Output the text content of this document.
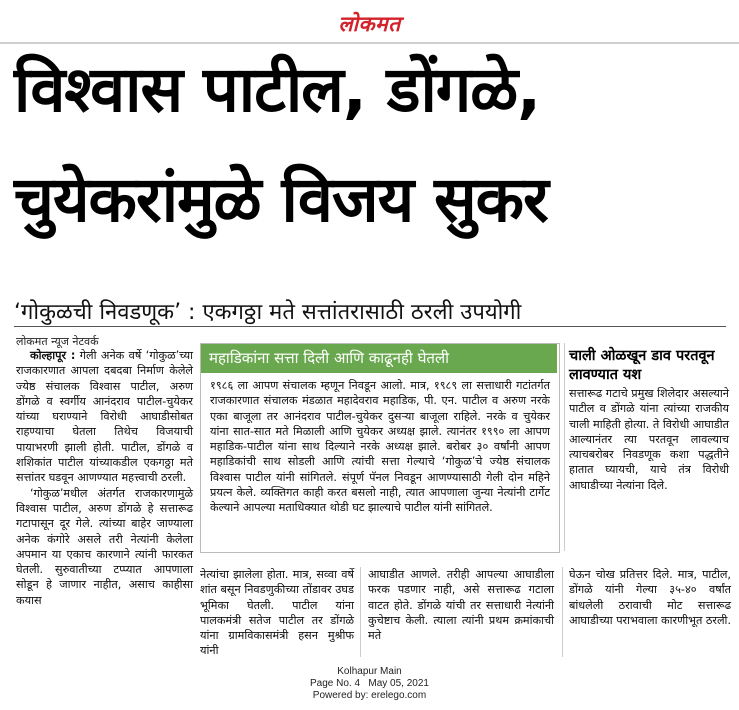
लोकमत
विश्वास पाटील, डोंगळे,
चुयेकरांमुळे विजय सुकर
‘गोकुळची निवडणूक’ : एकगठ्ठा मते सत्तांतरासाठी ठरली उपयोगी
लोकमत न्यूज नेटवर्क

कोल्हापूर : गेली अनेक वर्षे ‘गोकुळ’च्या राजकारणात आपला दबदबा निर्माण केलेले ज्येष्ठ संचालक विश्वास पाटील, अरुण डोंगळे व स्वर्गीय आनंदराव पाटील-चुयेकर यांच्या घराण्याने विरोधी आघाडीसोबत राहण्याचा घेतला तिथेच विजयाची पायाभरणी झाली होती. पाटील, डोंगळे व शशिकांत पाटील यांच्याकडील एकगठ्ठा मते सत्तांतर घडवून आणण्यात महत्त्वाची ठरली.

‘गोकुळ’मधील अंतर्गत राजकारणामुळे विश्वास पाटील, अरुण डोंगळे हे सत्तारूढ गटापासून दूर गेले. त्यांच्या बाहेर जाण्याला अनेक कंगोरे असले तरी नेत्यांनी केलेला अपमान या एकाच कारणाने त्यांनी फारकत घेतली. सुरुवातीच्या टप्प्यात आपणाला सोडून हे जाणार नाहीत, असाच काहीसा कयास

महाडिकांना सत्ता दिली आणि काढूनही घेतली
१९८६ ला आपण संचालक म्हणून निवडून आलो. मात्र, १९८९ ला सत्ताधारी गटांतर्गत राजकारणात संचालक मंडळात महादेवराव महाडिक, पी. एन. पाटील व अरुण नरके एका बाजूला तर आनंदराव पाटील-चुयेकर दुसऱ्या बाजूला राहिले. नरके व चुयेकर यांना सात-सात मते मिळाली आणि चुयेकर अध्यक्ष झाले. त्यानंतर १९९० ला आपण महाडिक-पाटील यांना साथ दिल्याने नरके अध्यक्ष झाले. बरोबर ३० वर्षांनी आपण महाडिकांची साथ सोडली आणि त्यांची सत्ता गेल्याचे ‘गोकुळ’चे ज्येष्ठ संचालक विश्वास पाटील यांनी सांगितले. संपूर्ण पॅनल निवडून आणण्यासाठी गेली दोन महिने प्रयत्न केले. व्यक्तिगत काही करत बसलो नाही, त्यात आपणाला जुन्या नेत्यांनी टार्गेट केल्याने आपल्या मताधिक्यात थोडी घट झाल्याचे पाटील यांनी सांगितले.
चाली ओळखून डाव परतवून लावण्यात यश
सत्तारूढ गटाचे प्रमुख शिलेदार असल्याने पाटील व डोंगळे यांना त्यांच्या राजकीय चाली माहिती होत्या. ते विरोधी आघाडीत आल्यानंतर त्या परतवून लावल्याच त्याचबरोबर निवडणूक कशा पद्धतीने हातात घ्यायची, याचे तंत्र विरोधी आघाडीच्या नेत्यांना दिले.
नेत्यांचा झालेला होता. मात्र, सव्वा वर्षे शांत बसून निवडणुकीच्या तोंडावर उघड भूमिका घेतली. पाटील यांना पालकमंत्री सतेज पाटील तर डोंगळे यांना ग्रामविकासमंत्री हसन मुश्रीफ यांनी
आघाडीत आणले. तरीही आपल्या आघाडीला फरक पडणार नाही, असे सत्तारूढ गटाला वाटत होते. डोंगळे यांची तर सत्ताधारी नेत्यांनी कुचेष्टाच केली. त्याला त्यांनी प्रथम क्रमांकाची मते
घेऊन चोख प्रतित्तर दिले. मात्र, पाटील, डोंगळे यांनी गेल्या ३५-४० वर्षांत बांधलेली ठरावाची मोट सत्तारूढ आघाडीच्या पराभवाला कारणीभूत ठरली.
Kolhapur Main
Page No. 4 May 05, 2021
Powered by: erelego.com
